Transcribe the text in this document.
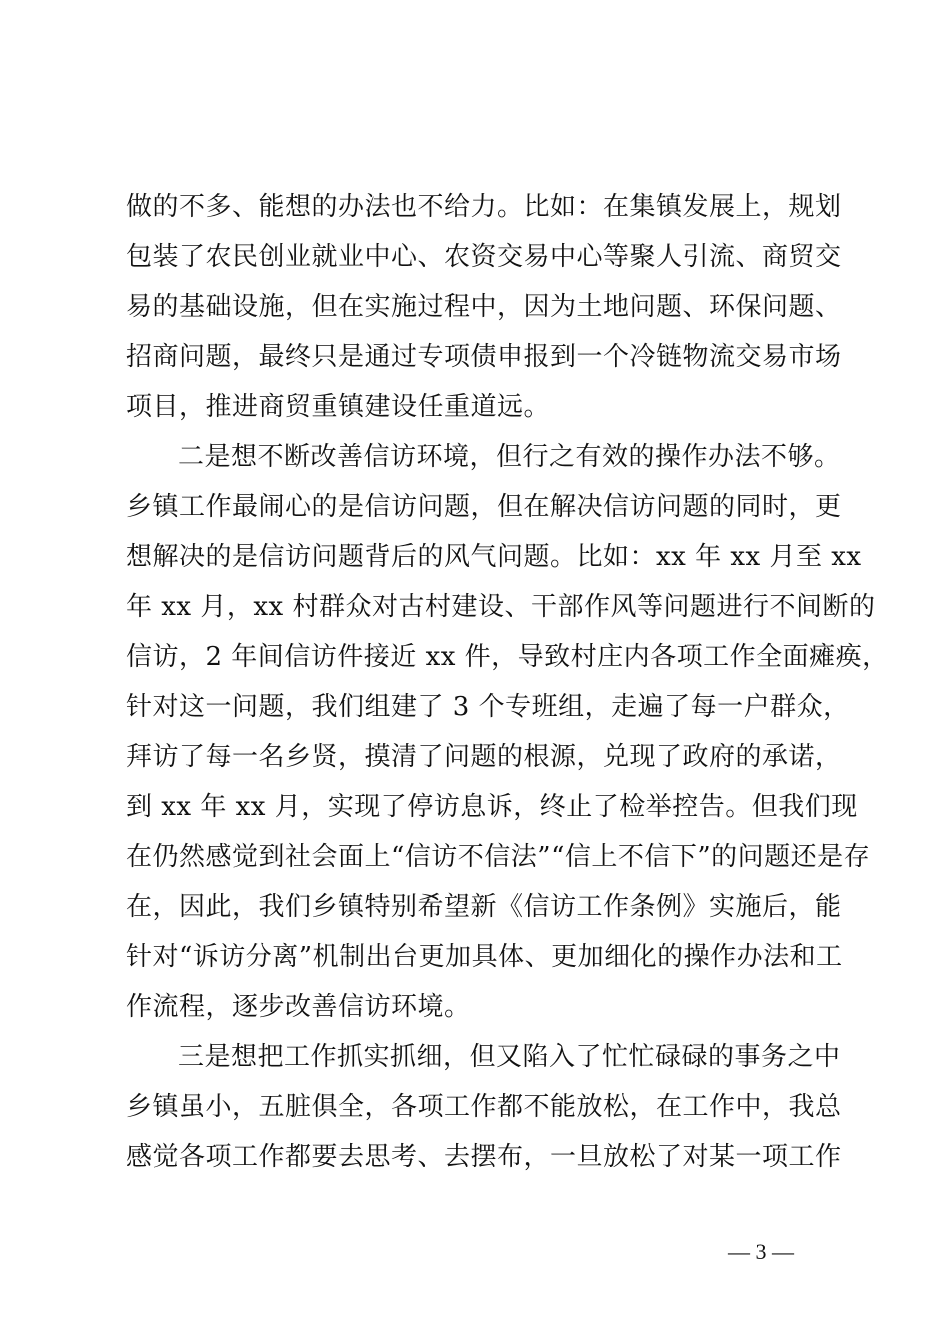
做的不多、能想的办法也不给力。比如：在集镇发展上，规划
包装了农民创业就业中心、农资交易中心等聚人引流、商贸交
易的基础设施，但在实施过程中，因为土地问题、环保问题、
招商问题，最终只是通过专项债申报到一个冷链物流交易市场
项目，推进商贸重镇建设任重道远。
二是想不断改善信访环境，但行之有效的操作办法不够。
乡镇工作最闹心的是信访问题，但在解决信访问题的同时，更
想解决的是信访问题背后的风气问题。比如：xx 年 xx 月至 xx
年 xx 月，xx 村群众对古村建设、干部作风等问题进行不间断的
信访，2 年间信访件接近 xx 件，导致村庄内各项工作全面瘫痪，
针对这一问题，我们组建了 3 个专班组，走遍了每一户群众，
拜访了每一名乡贤，摸清了问题的根源，兑现了政府的承诺，
到 xx 年 xx 月，实现了停访息诉，终止了检举控告。但我们现
在仍然感觉到社会面上“信访不信法”“信上不信下”的问题还是存
在，因此，我们乡镇特别希望新《信访工作条例》实施后，能
针对“诉访分离”机制出台更加具体、更加细化的操作办法和工
作流程，逐步改善信访环境。
三是想把工作抓实抓细，但又陷入了忙忙碌碌的事务之中
乡镇虽小，五脏俱全，各项工作都不能放松，在工作中，我总
感觉各项工作都要去思考、去摆布，一旦放松了对某一项工作
— 3 —
